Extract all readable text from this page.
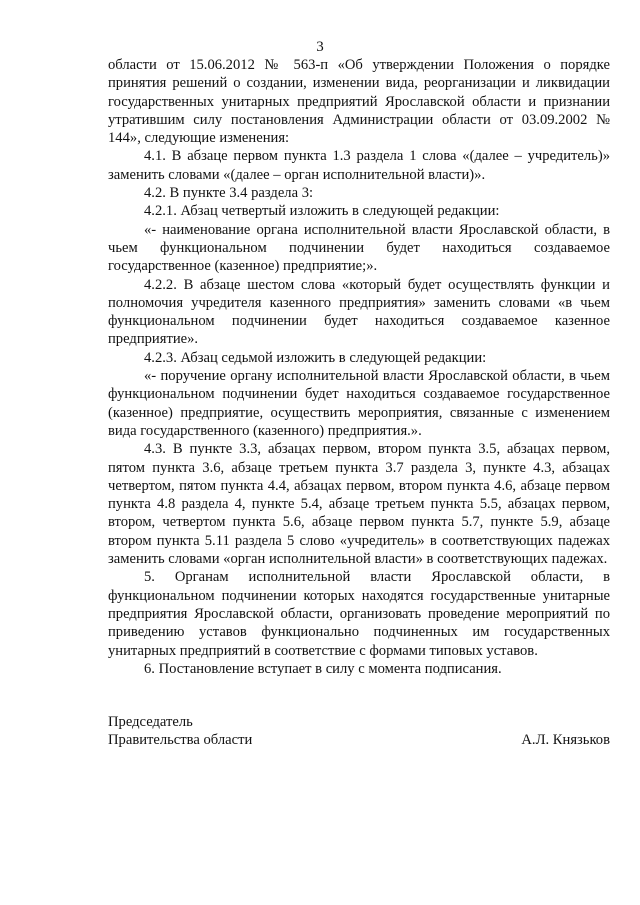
3

области от 15.06.2012 № 563-п «Об утверждении Положения о порядке принятия решений о создании, изменении вида, реорганизации и ликвидации государственных унитарных предприятий Ярославской области и признании утратившим силу постановления Администрации области от 03.09.2002 № 144», следующие изменения:

4.1. В абзаце первом пункта 1.3 раздела 1 слова «(далее – учредитель)» заменить словами «(далее – орган исполнительной власти)».

4.2. В пункте 3.4 раздела 3:

4.2.1. Абзац четвертый изложить в следующей редакции:

«- наименование органа исполнительной власти Ярославской области, в чьем функциональном подчинении будет находиться создаваемое государственное (казенное) предприятие;».

4.2.2. В абзаце шестом слова «который будет осуществлять функции и полномочия учредителя казенного предприятия» заменить словами «в чьем функциональном подчинении будет находиться создаваемое казенное предприятие».

4.2.3. Абзац седьмой изложить в следующей редакции:

«- поручение органу исполнительной власти Ярославской области, в чьем функциональном подчинении будет находиться создаваемое государственное (казенное) предприятие, осуществить мероприятия, связанные с изменением вида государственного (казенного) предприятия.».

4.3. В пункте 3.3, абзацах первом, втором пункта 3.5, абзацах первом, пятом пункта 3.6, абзаце третьем пункта 3.7 раздела 3, пункте 4.3, абзацах четвертом, пятом пункта 4.4, абзацах первом, втором пункта 4.6, абзаце первом пункта 4.8 раздела 4, пункте 5.4, абзаце третьем пункта 5.5, абзацах первом, втором, четвертом пункта 5.6, абзаце первом пункта 5.7, пункте 5.9, абзаце втором пункта 5.11 раздела 5 слово «учредитель» в соответствующих падежах заменить словами «орган исполнительной власти» в соответствующих падежах.

5. Органам исполнительной власти Ярославской области, в функциональном подчинении которых находятся государственные унитарные предприятия Ярославской области, организовать проведение мероприятий по приведению уставов функционально подчиненных им государственных унитарных предприятий в соответствие с формами типовых уставов.

6. Постановление вступает в силу с момента подписания.

Председатель
Правительства области	А.Л. Князьков
